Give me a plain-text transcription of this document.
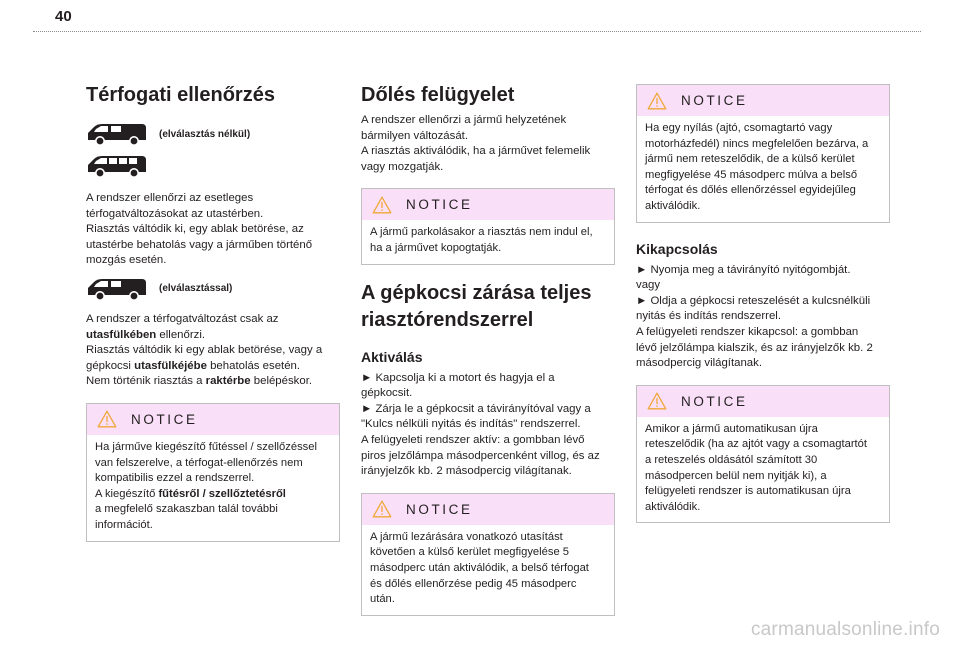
40
Térfogati ellenőrzés
(elválasztás nélkül)

A rendszer ellenőrzi az esetleges

térfogatváltozásokat az utastérben.

Riasztás váltódik ki, egy ablak betörése, az

utastérbe behatolás vagy a járműben történő

mozgás esetén.

(elválasztással)

A rendszer a térfogatváltozást csak az

utasfülkében ellenőrzi.

Riasztás váltódik ki egy ablak betörése, vagy a

gépkocsi utasfülkéjébe behatolás esetén.

Nem történik riasztás a raktérbe belépéskor.

NOTICE

Ha járműve kiegészítő fűtéssel / szellőzéssel

van felszerelve, a térfogat-ellenőrzés nem

kompatibilis ezzel a rendszerrel.

A kiegészítő fűtésről / szellőztetésről

a megfelelő szakaszban talál további

információt.

Dőlés felügyelet

A rendszer ellenőrzi a jármű helyzetének

bármilyen változását.

A riasztás aktiválódik, ha a járművet felemelik

vagy mozgatják.

NOTICE

A jármű parkolásakor a riasztás nem indul el,

ha a járművet kopogtatják.

A gépkocsi zárása teljes
riasztórendszerrel
Aktiválás

► Kapcsolja ki a motort és hagyja el a

gépkocsit.

► Zárja le a gépkocsit a távirányítóval vagy a

"Kulcs nélküli nyitás és indítás" rendszerrel.

A felügyeleti rendszer aktív: a gombban lévő

piros jelzőlámpa másodpercenként villog, és az

irányjelzők kb. 2 másodpercig világítanak.

NOTICE

A jármű lezárására vonatkozó utasítást

követően a külső kerület megfigyelése 5

másodperc után aktiválódik, a belső térfogat

és dőlés ellenőrzése pedig 45 másodperc

után.

NOTICE

Ha egy nyílás (ajtó, csomagtartó vagy

motorházfedél) nincs megfelelően bezárva, a

jármű nem reteszelődik, de a külső kerület

megfigyelése 45 másodperc múlva a belső

térfogat és dőlés ellenőrzéssel egyidejűleg

aktiválódik.

Kikapcsolás

► Nyomja meg a távirányító nyitógombját.

vagy

► Oldja a gépkocsi reteszelését a kulcsnélküli

nyitás és indítás rendszerrel.

A felügyeleti rendszer kikapcsol: a gombban

lévő jelzőlámpa kialszik, és az irányjelzők kb. 2

másodpercig világítanak.

NOTICE

Amikor a jármű automatikusan újra

reteszelődik (ha az ajtót vagy a csomagtartót

a reteszelés oldásától számított 30

másodpercen belül nem nyitják ki), a

felügyeleti rendszer is automatikusan újra

aktiválódik.

carmanualsonline.info
